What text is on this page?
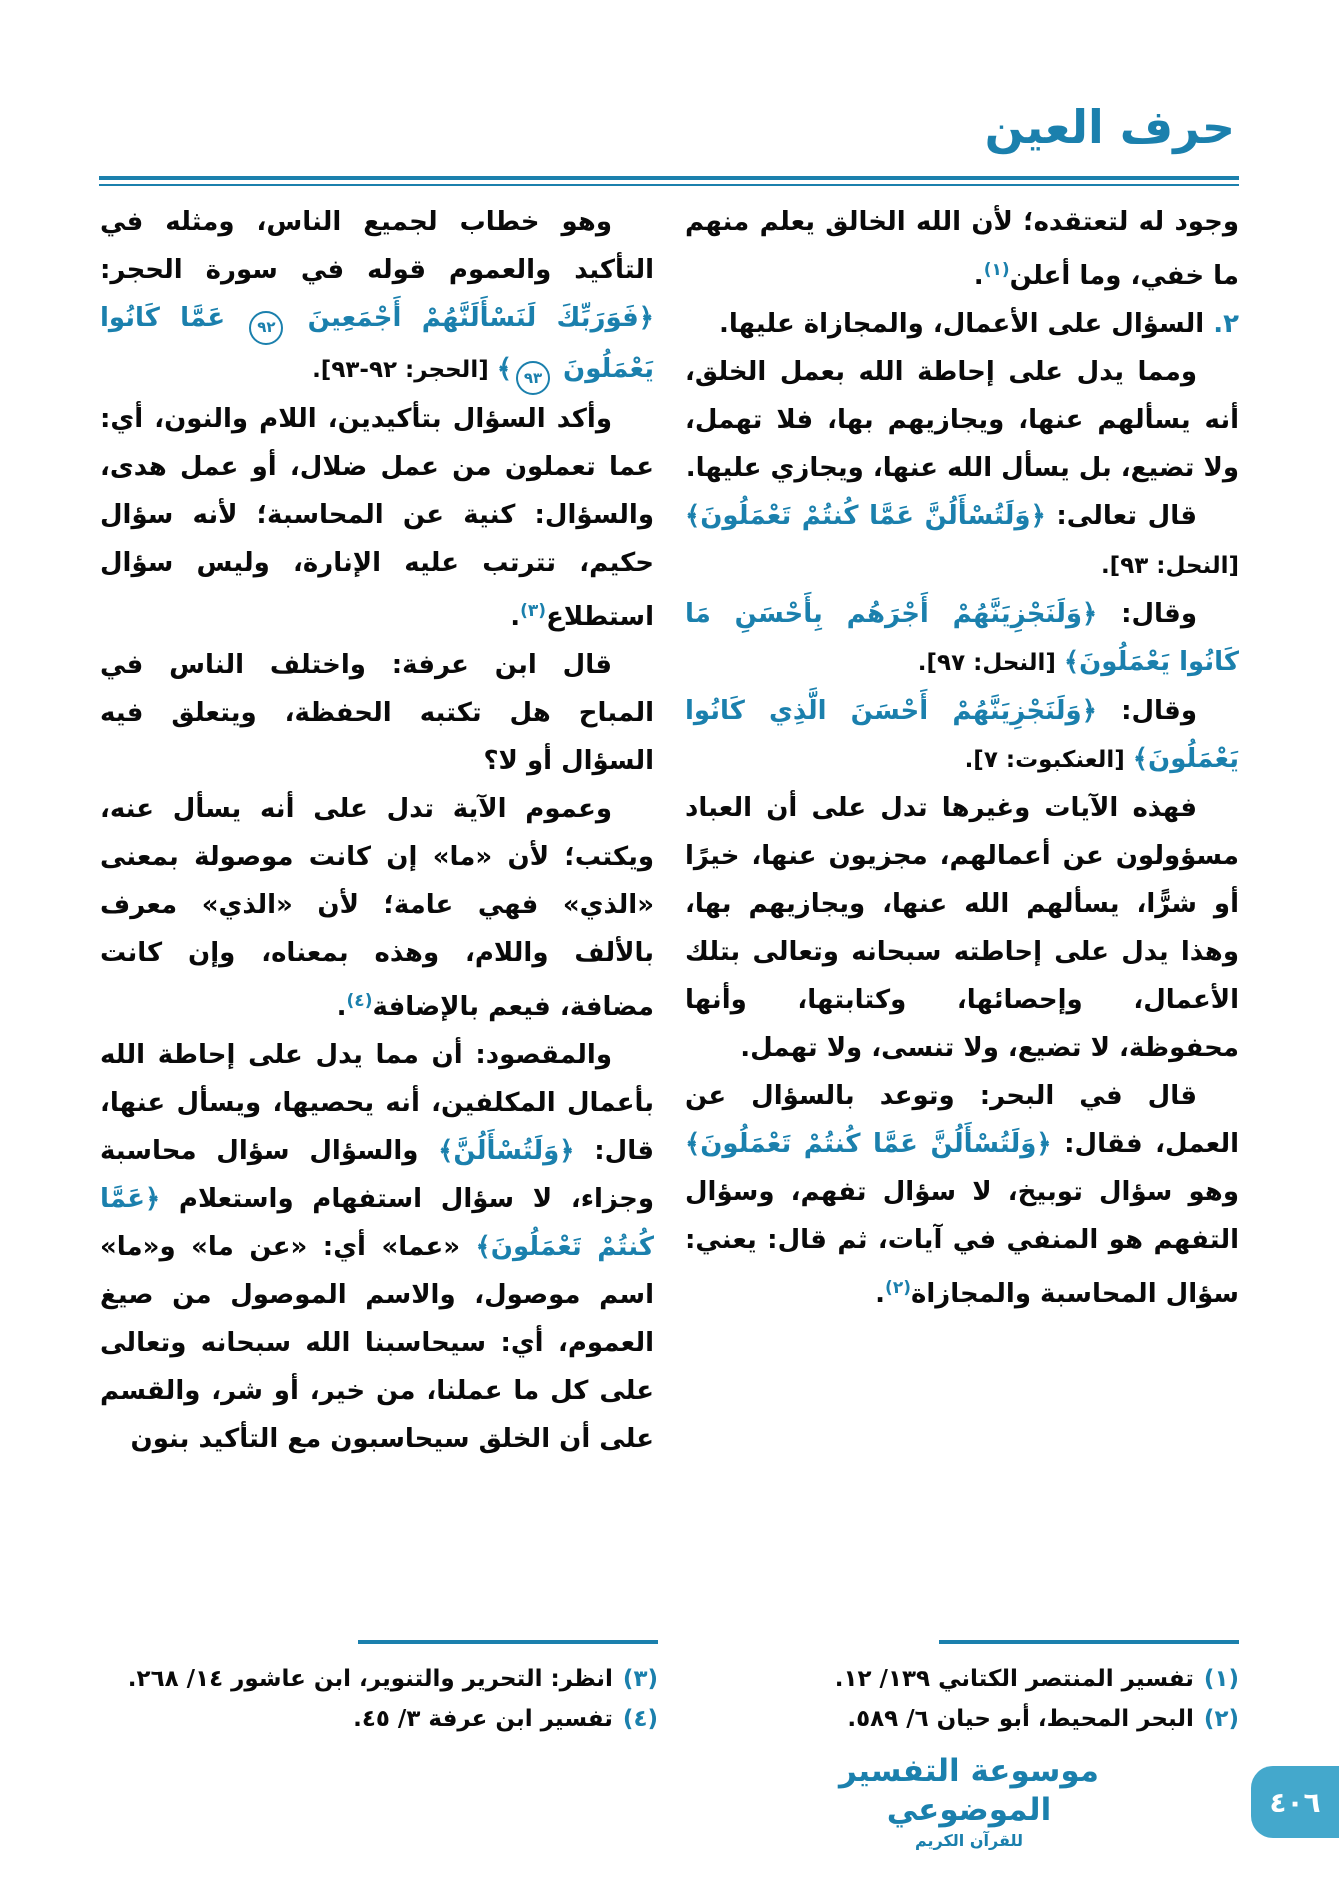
حرف العين

وجود له لتعتقده؛ لأن الله الخالق يعلم منهم ما خفي، وما أعلن$^{(١)}$.

٢. السؤال على الأعمال، والمجازاة عليها.

ومما يدل على إحاطة الله بعمل الخلق، أنه يسألهم عنها، ويجازيهم بها، فلا تهمل، ولا تضيع، بل يسأل الله عنها، ويجازي عليها.

قال تعالى: ﴿وَلَتُسْأَلُنَّ عَمَّا كُنتُمْ تَعْمَلُونَ﴾ [النحل: ٩٣].

وقال: ﴿وَلَنَجْزِيَنَّهُمْ أَجْرَهُم بِأَحْسَنِ مَا كَانُوا يَعْمَلُونَ﴾ [النحل: ٩٧].

وقال: ﴿وَلَنَجْزِيَنَّهُمْ أَحْسَنَ الَّذِي كَانُوا يَعْمَلُونَ﴾ [العنكبوت: ٧].

فهذه الآيات وغيرها تدل على أن العباد مسؤولون عن أعمالهم، مجزيون عنها، خيرًا أو شرًّا، يسألهم الله عنها، ويجازيهم بها، وهذا يدل على إحاطته سبحانه وتعالى بتلك الأعمال، وإحصائها، وكتابتها، وأنها محفوظة، لا تضيع، ولا تنسى، ولا تهمل.

قال في البحر: وتوعد بالسؤال عن العمل، فقال: ﴿وَلَتُسْأَلُنَّ عَمَّا كُنتُمْ تَعْمَلُونَ﴾ وهو سؤال توبيخ، لا سؤال تفهم، وسؤال التفهم هو المنفي في آيات، ثم قال: يعني: سؤال المحاسبة والمجازاة$^{(٢)}$.

وهو خطاب لجميع الناس، ومثله في التأكيد والعموم قوله في سورة الحجر: ﴿فَوَرَبِّكَ لَنَسْأَلَنَّهُمْ أَجْمَعِينَ ٩٢ عَمَّا كَانُوا يَعْمَلُونَ ٩٣﴾ [الحجر: ٩٢-٩٣].

وأكد السؤال بتأكيدين، اللام والنون، أي: عما تعملون من عمل ضلال، أو عمل هدى، والسؤال: كنية عن المحاسبة؛ لأنه سؤال حكيم، تترتب عليه الإنارة، وليس سؤال استطلاع$^{(٣)}$.

قال ابن عرفة: واختلف الناس في المباح هل تكتبه الحفظة، ويتعلق فيه السؤال أو لا؟

وعموم الآية تدل على أنه يسأل عنه، ويكتب؛ لأن «ما» إن كانت موصولة بمعنى «الذي» فهي عامة؛ لأن «الذي» معرف بالألف واللام، وهذه بمعناه، وإن كانت مضافة، فيعم بالإضافة$^{(٤)}$.

والمقصود: أن مما يدل على إحاطة الله بأعمال المكلفين، أنه يحصيها، ويسأل عنها، قال: ﴿وَلَتُسْأَلُنَّ﴾ والسؤال سؤال محاسبة وجزاء، لا سؤال استفهام واستعلام ﴿عَمَّا كُنتُمْ تَعْمَلُونَ﴾ «عما» أي: «عن ما» و«ما» اسم موصول، والاسم الموصول من صيغ العموم، أي: سيحاسبنا الله سبحانه وتعالى على كل ما عملنا، من خير، أو شر، والقسم على أن الخلق سيحاسبون مع التأكيد بنون

(١)
تفسير المنتصر الكتاني ١٣٩/ ١٢.
(٢)
البحر المحيط، أبو حيان ٦/ ٥٨٩.
(٣)
انظر: التحرير والتنوير، ابن عاشور ١٤/ ٢٦٨.
(٤)
تفسير ابن عرفة ٣/ ٤٥.
موسوعة التفسير الموضوعي
للقرآن الكريم
٤٠٦
